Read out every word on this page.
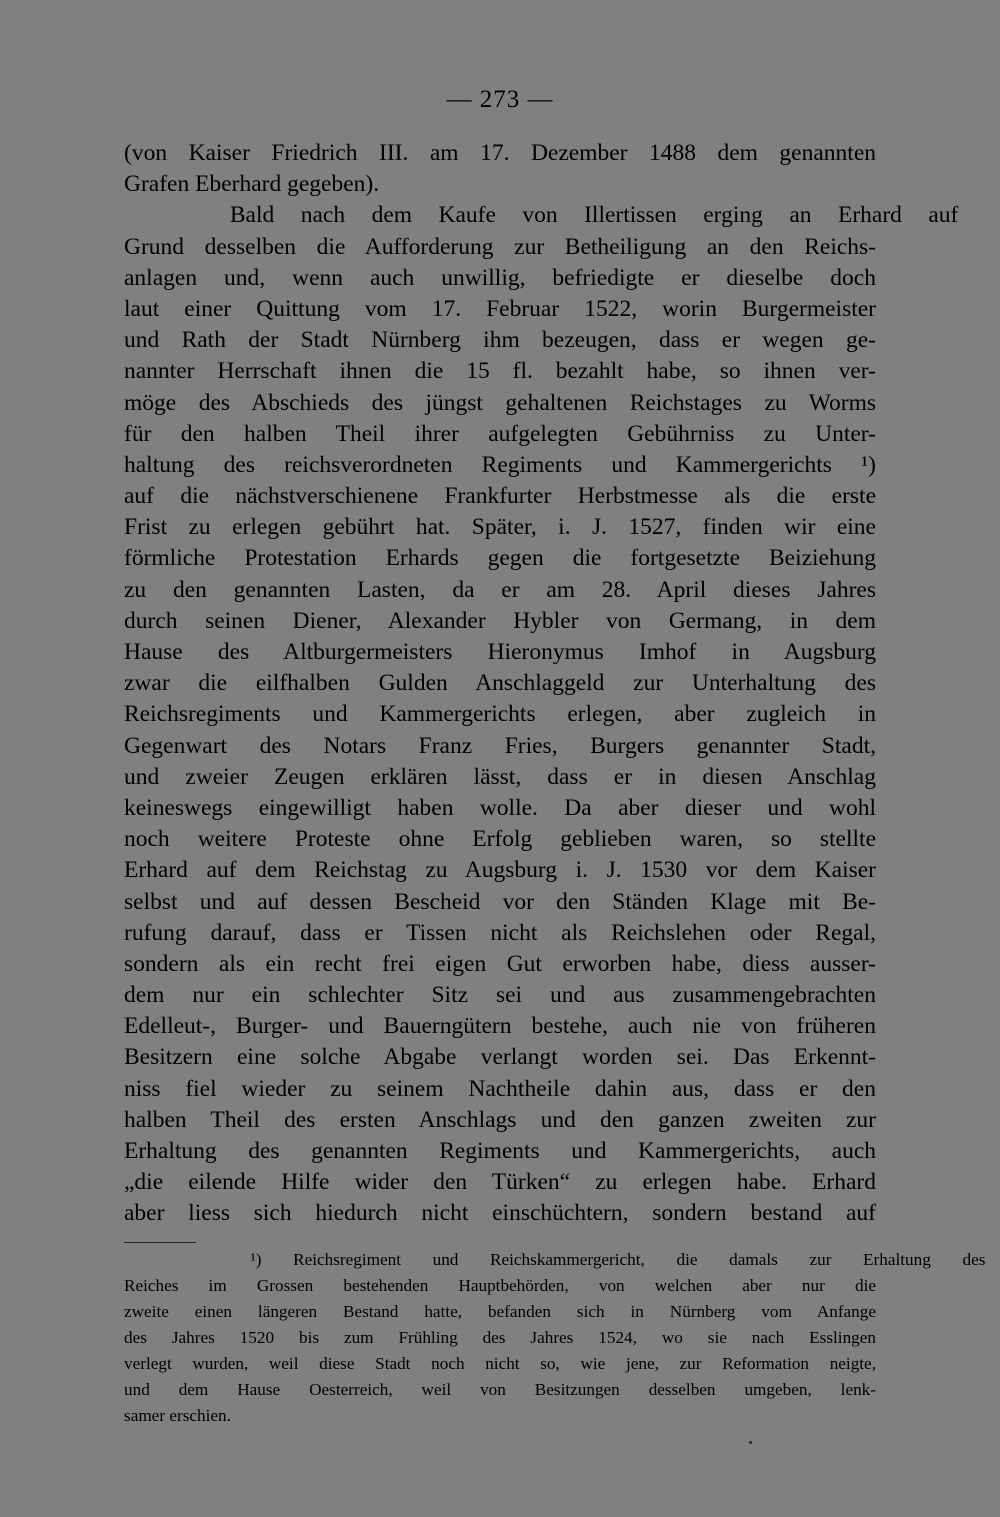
— 273 —
(von Kaiser Friedrich III. am 17. Dezember 1488 dem genannten
Grafen Eberhard gegeben).
Bald nach dem Kaufe von Illertissen erging an Erhard auf
Grund desselben die Aufforderung zur Betheiligung an den Reichs-
anlagen und, wenn auch unwillig, befriedigte er dieselbe doch
laut einer Quittung vom 17. Februar 1522, worin Burgermeister
und Rath der Stadt Nürnberg ihm bezeugen, dass er wegen ge-
nannter Herrschaft ihnen die 15 fl. bezahlt habe, so ihnen ver-
möge des Abschieds des jüngst gehaltenen Reichstages zu Worms
für den halben Theil ihrer aufgelegten Gebührniss zu Unter-
haltung des reichsverordneten Regiments und Kammergerichts ¹)
auf die nächstverschienene Frankfurter Herbstmesse als die erste
Frist zu erlegen gebührt hat. Später, i. J. 1527, finden wir eine
förmliche Protestation Erhards gegen die fortgesetzte Beiziehung
zu den genannten Lasten, da er am 28. April dieses Jahres
durch seinen Diener, Alexander Hybler von Germang, in dem
Hause des Altburgermeisters Hieronymus Imhof in Augsburg
zwar die eilfhalben Gulden Anschlaggeld zur Unterhaltung des
Reichsregiments und Kammergerichts erlegen, aber zugleich in
Gegenwart des Notars Franz Fries, Burgers genannter Stadt,
und zweier Zeugen erklären lässt, dass er in diesen Anschlag
keineswegs eingewilligt haben wolle. Da aber dieser und wohl
noch weitere Proteste ohne Erfolg geblieben waren, so stellte
Erhard auf dem Reichstag zu Augsburg i. J. 1530 vor dem Kaiser
selbst und auf dessen Bescheid vor den Ständen Klage mit Be-
rufung darauf, dass er Tissen nicht als Reichslehen oder Regal,
sondern als ein recht frei eigen Gut erworben habe, diess ausser-
dem nur ein schlechter Sitz sei und aus zusammengebrachten
Edelleut-, Burger- und Bauerngütern bestehe, auch nie von früheren
Besitzern eine solche Abgabe verlangt worden sei. Das Erkennt-
niss fiel wieder zu seinem Nachtheile dahin aus, dass er den
halben Theil des ersten Anschlags und den ganzen zweiten zur
Erhaltung des genannten Regiments und Kammergerichts, auch
„die eilende Hilfe wider den Türken“ zu erlegen habe. Erhard
aber liess sich hiedurch nicht einschüchtern, sondern bestand auf
¹) Reichsregiment und Reichskammergericht, die damals zur Erhaltung des
Reiches im Grossen bestehenden Hauptbehörden, von welchen aber nur die
zweite einen längeren Bestand hatte, befanden sich in Nürnberg vom Anfange
des Jahres 1520 bis zum Frühling des Jahres 1524, wo sie nach Esslingen
verlegt wurden, weil diese Stadt noch nicht so, wie jene, zur Reformation neigte,
und dem Hause Oesterreich, weil von Besitzungen desselben umgeben, lenk-
samer erschien.
